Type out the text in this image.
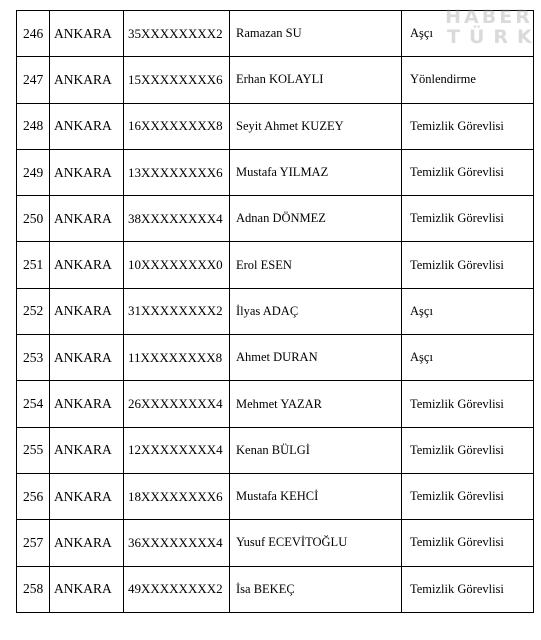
246	ANKARA	35XXXXXXXX2	Ramazan SU	Aşçı
247	ANKARA	15XXXXXXXX6	Erhan KOLAYLI	Yönlendirme
248	ANKARA	16XXXXXXXX8	Seyit Ahmet KUZEY	Temizlik Görevlisi
249	ANKARA	13XXXXXXXX6	Mustafa YILMAZ	Temizlik Görevlisi
250	ANKARA	38XXXXXXXX4	Adnan DÖNMEZ	Temizlik Görevlisi
251	ANKARA	10XXXXXXXX0	Erol ESEN	Temizlik Görevlisi
252	ANKARA	31XXXXXXXX2	İlyas ADAÇ	Aşçı
253	ANKARA	11XXXXXXXX8	Ahmet DURAN	Aşçı
254	ANKARA	26XXXXXXXX4	Mehmet YAZAR	Temizlik Görevlisi
255	ANKARA	12XXXXXXXX4	Kenan BÜLGİ	Temizlik Görevlisi
256	ANKARA	18XXXXXXXX6	Mustafa KEHCİ	Temizlik Görevlisi
257	ANKARA	36XXXXXXXX4	Yusuf ECEVİTOĞLU	Temizlik Görevlisi
258	ANKARA	49XXXXXXXX2	İsa BEKEÇ	Temizlik Görevlisi
HABER
TÜRK
